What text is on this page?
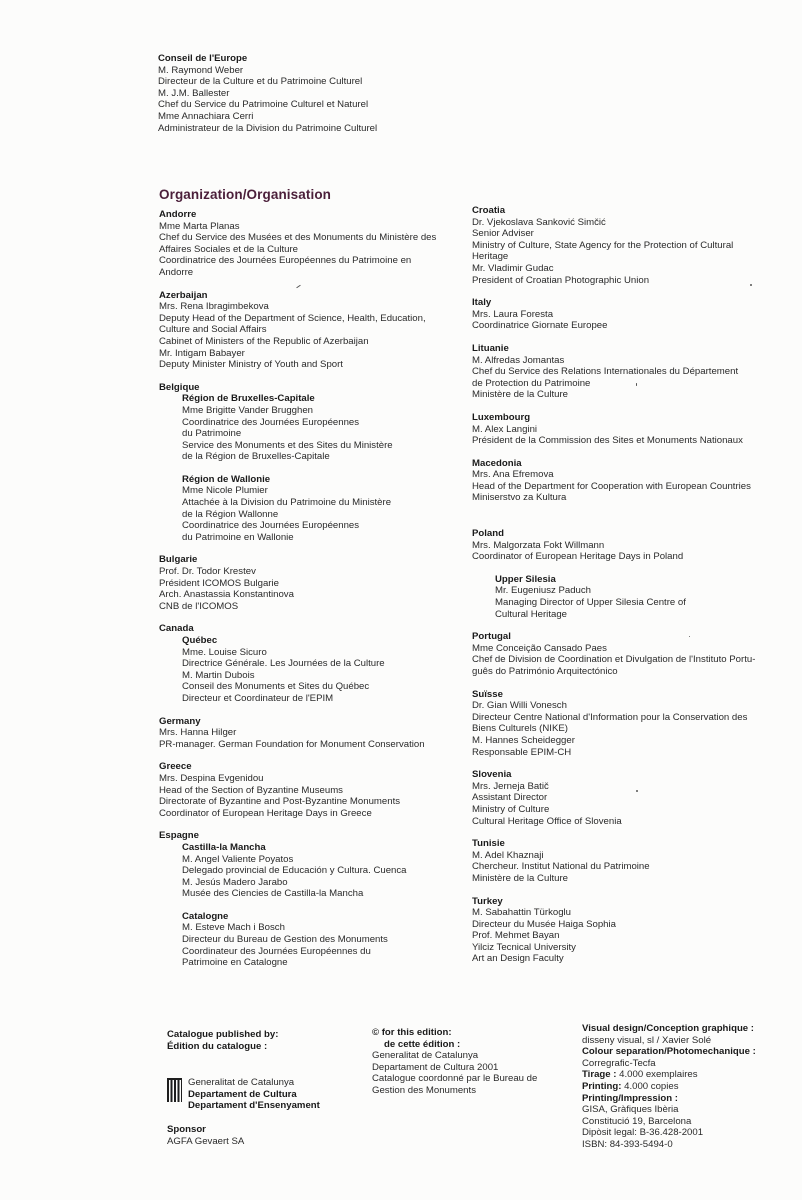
Conseil de l'Europe
M. Raymond Weber
Directeur de la Culture et du Patrimoine Culturel
M. J.M. Ballester
Chef du Service du Patrimoine Culturel et Naturel
Mme Annachiara Cerri
Administrateur de la Division du Patrimoine Culturel
Organization/Organisation
Andorre
Mme Marta Planas
Chef du Service des Musées et des Monuments du Ministère des
Affaires Sociales et de la Culture
Coordinatrice des Journées Européennes du Patrimoine en
Andorre
Azerbaijan
Mrs. Rena Ibragimbekova
Deputy Head of the Department of Science, Health, Education,
Culture and Social Affairs
Cabinet of Ministers of the Republic of Azerbaijan
Mr. Intigam Babayer
Deputy Minister Ministry of Youth and Sport
Belgique
Région de Bruxelles-Capitale
Mme Brigitte Vander Brugghen
Coordinatrice des Journées Européennes
du Patrimoine
Service des Monuments et des Sites du Ministère
de la Région de Bruxelles-Capitale
Région de Wallonie
Mme Nicole Plumier
Attachée à la Division du Patrimoine du Ministère
de la Région Wallonne
Coordinatrice des Journées Européennes
du Patrimoine en Wallonie
Bulgarie
Prof. Dr. Todor Krestev
Président ICOMOS Bulgarie
Arch. Anastassia Konstantinova
CNB de l'ICOMOS
Canada
Québec
Mme. Louise Sicuro
Directrice Générale. Les Journées de la Culture
M. Martin Dubois
Conseil des Monuments et Sites du Québec
Directeur et Coordinateur de l'EPIM
Germany
Mrs. Hanna Hilger
PR-manager. German Foundation for Monument Conservation
Greece
Mrs. Despina Evgenidou
Head of the Section of Byzantine Museums
Directorate of Byzantine and Post-Byzantine Monuments
Coordinator of European Heritage Days in Greece
Espagne
Castilla-la Mancha
M. Angel Valiente Poyatos
Delegado provincial de Educación y Cultura. Cuenca
M. Jesús Madero Jarabo
Musée des Ciencies de Castilla-la Mancha
Catalogne
M. Esteve Mach i Bosch
Directeur du Bureau de Gestion des Monuments
Coordinateur des Journées Européennes du
Patrimoine en Catalogne
Croatia
Dr. Vjekoslava Sanković Simčić
Senior Adviser
Ministry of Culture, State Agency for the Protection of Cultural
Heritage
Mr. Vladimir Gudac
President of Croatian Photographic Union
Italy
Mrs. Laura Foresta
Coordinatrice Giornate Europee
Lituanie
M. Alfredas Jomantas
Chef du Service des Relations Internationales du Département
de Protection du Patrimoine
Ministère de la Culture
Luxembourg
M. Alex Langini
Président de la Commission des Sites et Monuments Nationaux
Macedonia
Mrs. Ana Efremova
Head of the Department for Cooperation with European Countries
Miniserstvo za Kultura
Poland
Mrs. Malgorzata Fokt Willmann
Coordinator of European Heritage Days in Poland
Upper Silesia
Mr. Eugeniusz Paduch
Managing Director of Upper Silesia Centre of
Cultural Heritage
Portugal
Mme Conceição Cansado Paes
Chef de Division de Coordination et Divulgation de l'Instituto Portu-
guês do Património Arquitectónico
Suïsse
Dr. Gian Willi Vonesch
Directeur Centre National d'Information pour la Conservation des
Biens Culturels (NIKE)
M. Hannes Scheidegger
Responsable EPIM-CH
Slovenia
Mrs. Jerneja Batič
Assistant Director
Ministry of Culture
Cultural Heritage Office of Slovenia
Tunisie
M. Adel Khaznaji
Chercheur. Institut National du Patrimoine
Ministère de la Culture
Turkey
M. Sabahattin Türkoglu
Directeur du Musée Haiga Sophia
Prof. Mehmet Bayan
Yilciz Tecnical University
Art an Design Faculty
Catalogue published by:
Édition du catalogue :
Generalitat de Catalunya
Departament de Cultura
Departament d'Ensenyament
Sponsor
AGFA Gevaert SA
© for this edition:
de cette édition :
Generalitat de Catalunya
Departament de Cultura 2001
Catalogue coordonné par le Bureau de
Gestion des Monuments
Visual design/Conception graphique :
disseny visual, sl / Xavier Solé
Colour separation/Photomechanique :
Corregrafic-Tecfa
Tirage : 4.000 exemplaires
Printing: 4.000 copies
Printing/Impression :
GISA, Gràfiques Ibèria
Constitució 19, Barcelona
Dipòsit legal: B-36.428-2001
ISBN: 84-393-5494-0
